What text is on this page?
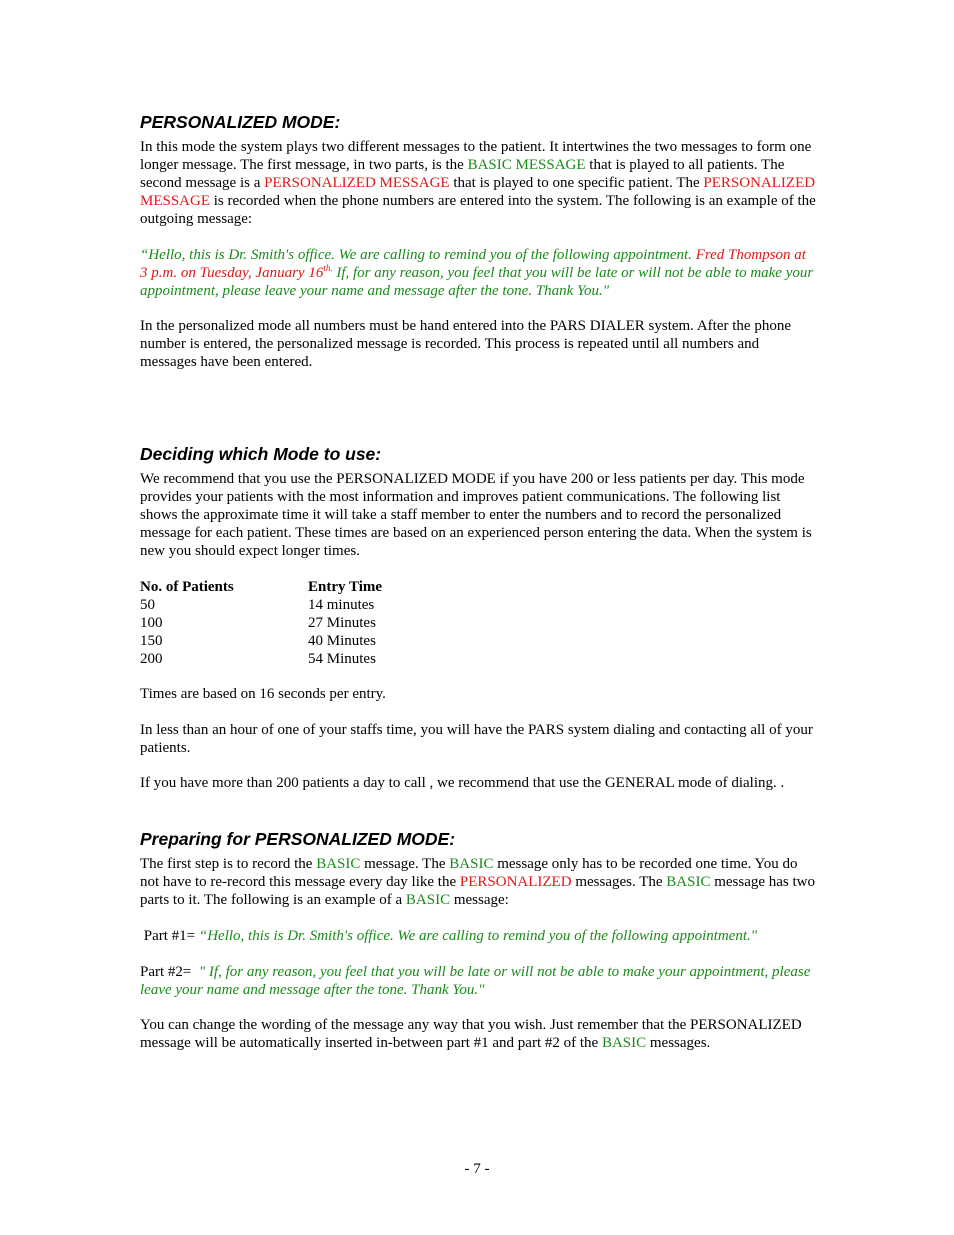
PERSONALIZED MODE:
In this mode the system plays two different messages to the patient. It intertwines the two messages to form one longer message. The first message, in two parts, is the BASIC MESSAGE that is played to all patients. The second message is a PERSONALIZED MESSAGE that is played to one specific patient. The PERSONALIZED MESSAGE is recorded when the phone numbers are entered into the system. The following is an example of the outgoing message:
“Hello, this is Dr. Smith's office. We are calling to remind you of the following appointment. Fred Thompson at 3 p.m. on Tuesday, January $16^{th.}$ If, for any reason, you feel that you will be late or will not be able to make your appointment, please leave your name and message after the tone. Thank You."
In the personalized mode all numbers must be hand entered into the PARS DIALER system. After the phone number is entered, the personalized message is recorded. This process is repeated until all numbers and messages have been entered.
Deciding which Mode to use:
We recommend that you use the PERSONALIZED MODE if you have 200 or less patients per day. This mode provides your patients with the most information and improves patient communications. The following list shows the approximate time it will take a staff member to enter the numbers and to record the personalized message for each patient. These times are based on an experienced person entering the data. When the system is new you should expect longer times.
No. of Patients	Entry Time
50	14 minutes
100	27 Minutes
150	40 Minutes
200	54 Minutes
Times are based on 16 seconds per entry.
In less than an hour of one of your staffs time, you will have the PARS system dialing and contacting all of your patients.
If you have more than 200 patients a day to call , we recommend that use the GENERAL mode of dialing. .
Preparing for PERSONALIZED MODE:
The first step is to record the BASIC message. The BASIC message only has to be recorded one time. You do not have to re-record this message every day like the PERSONALIZED messages. The BASIC message has two parts to it. The following is an example of a BASIC message:
Part #1= “Hello, this is Dr. Smith's office. We are calling to remind you of the following appointment."
Part #2=  " If, for any reason, you feel that you will be late or will not be able to make your appointment, please leave your name and message after the tone. Thank You."
You can change the wording of the message any way that you wish. Just remember that the PERSONALIZED message will be automatically inserted in-between part #1 and part #2 of the BASIC messages.
- 7 -
